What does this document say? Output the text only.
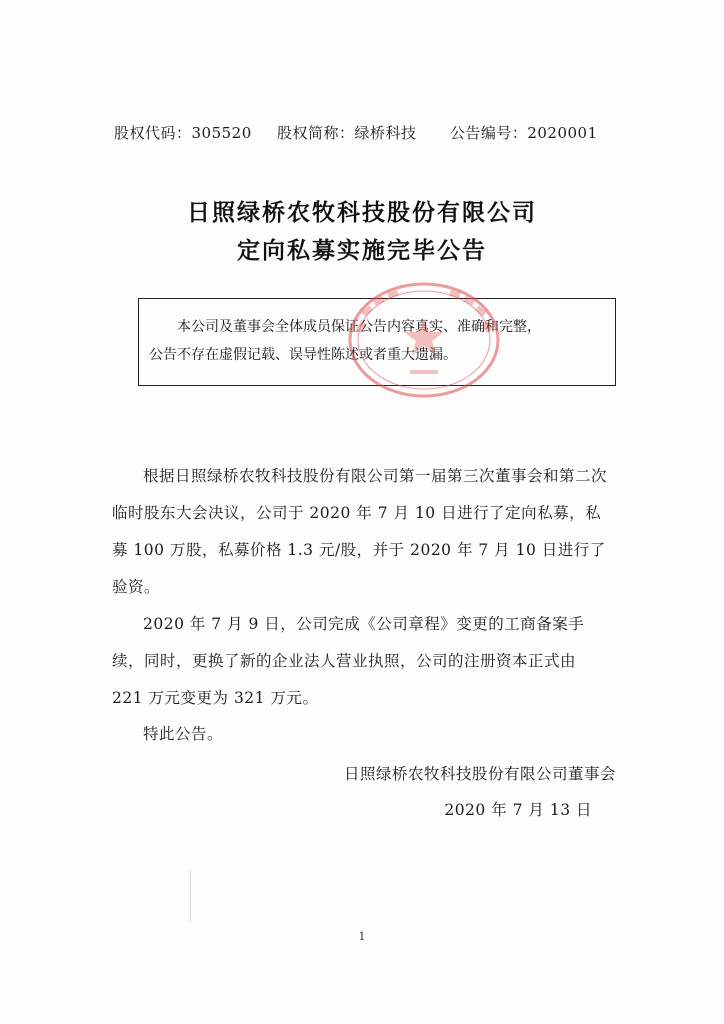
股权代码：305520 股权简称：绿桥科技 公告编号：2020001
日照绿桥农牧科技股份有限公司
定向私募实施完毕公告

本公司及董事会全体成员保证公告内容真实、准确和完整，

公告不存在虚假记载、误导性陈述或者重大遗漏。

根据日照绿桥农牧科技股份有限公司第一届第三次董事会和第二次临时股东大会决议，公司于 2020 年 7 月 10 日进行了定向私募，私募 100 万股，私募价格 1.3 元/股，并于 2020 年 7 月 10 日进行了验资。

2020 年 7 月 9 日，公司完成《公司章程》变更的工商备案手续，同时，更换了新的企业法人营业执照，公司的注册资本正式由 221 万元变更为 321 万元。

特此公告。

日照绿桥农牧科技股份有限公司董事会
2020 年 7 月 13 日
1
